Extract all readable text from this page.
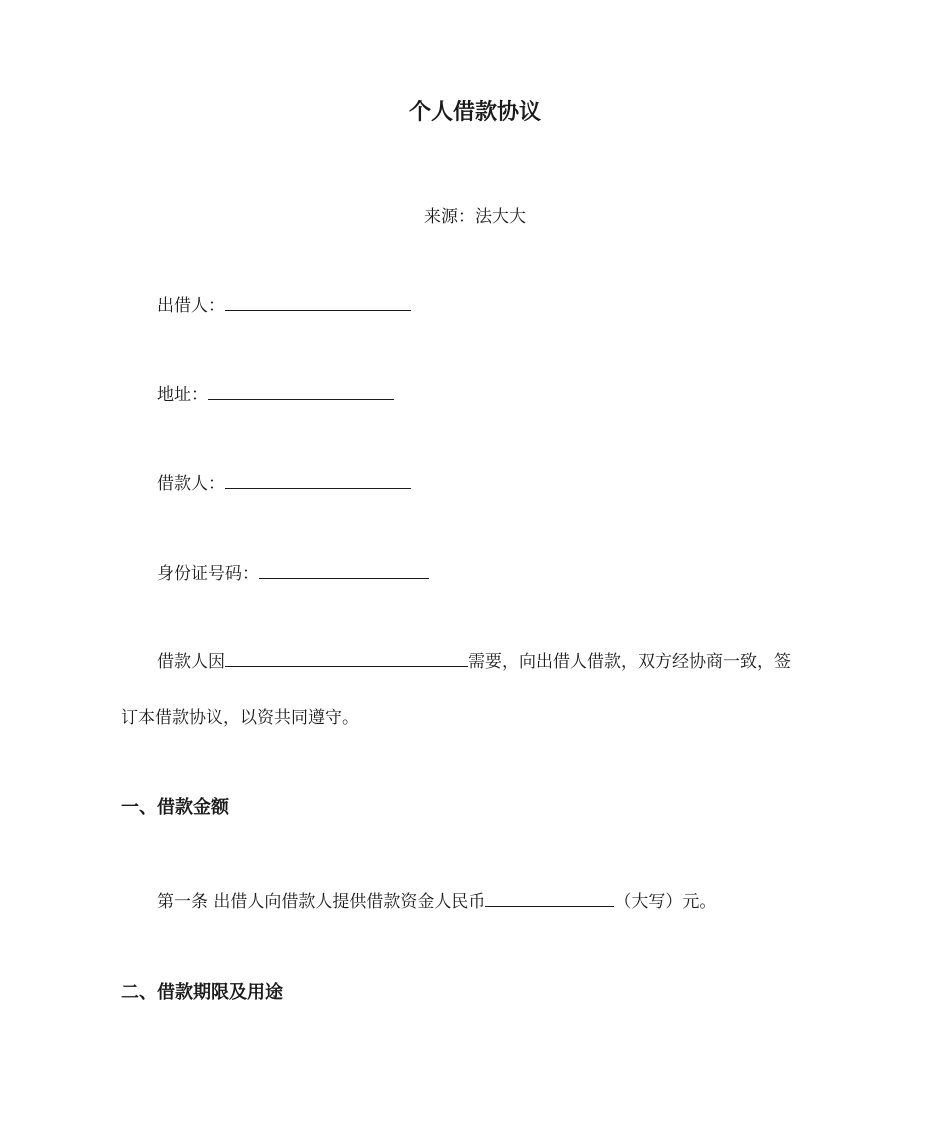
个人借款协议
来源：法大大
出借人：
地址：
借款人：
身份证号码：
借款人因	需要，向出借人借款，双方经协商一致，签
订本借款协议，以资共同遵守。
一、借款金额
第一条 出借人向借款人提供借款资金人民币	（大写）元。
二、借款期限及用途
